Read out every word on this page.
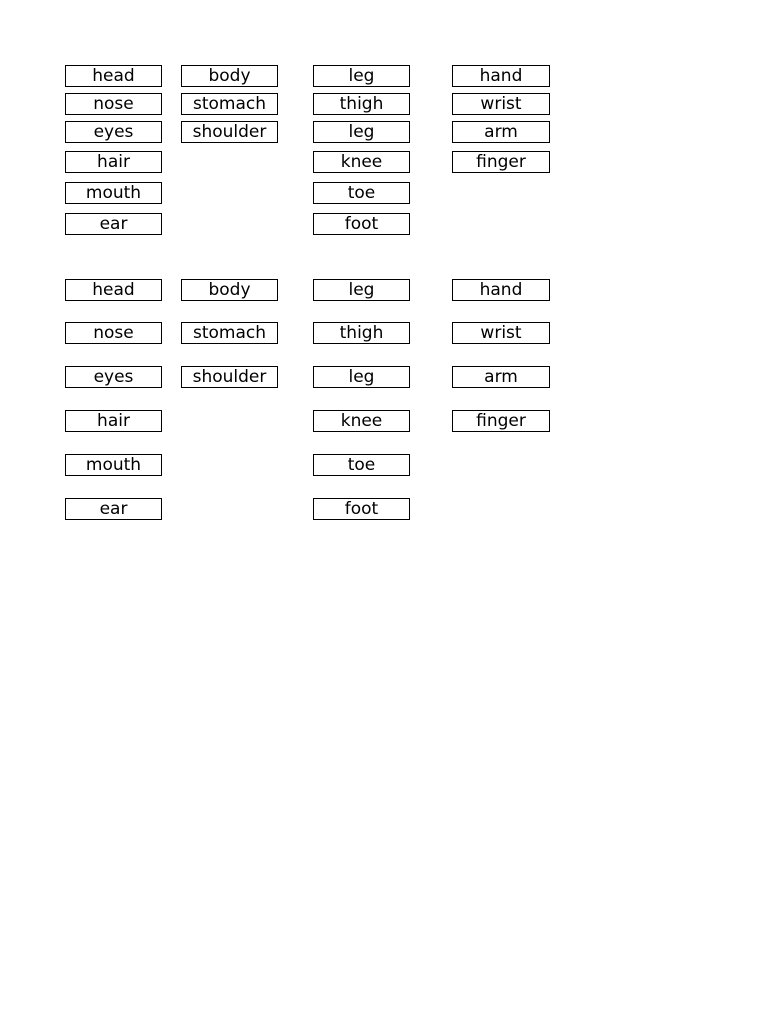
head
nose
eyes
hair
mouth
ear
body
stomach
shoulder
leg
thigh
leg
knee
toe
foot
hand
wrist
arm
finger
head
nose
eyes
hair
mouth
ear
body
stomach
shoulder
leg
thigh
leg
knee
toe
foot
hand
wrist
arm
finger
